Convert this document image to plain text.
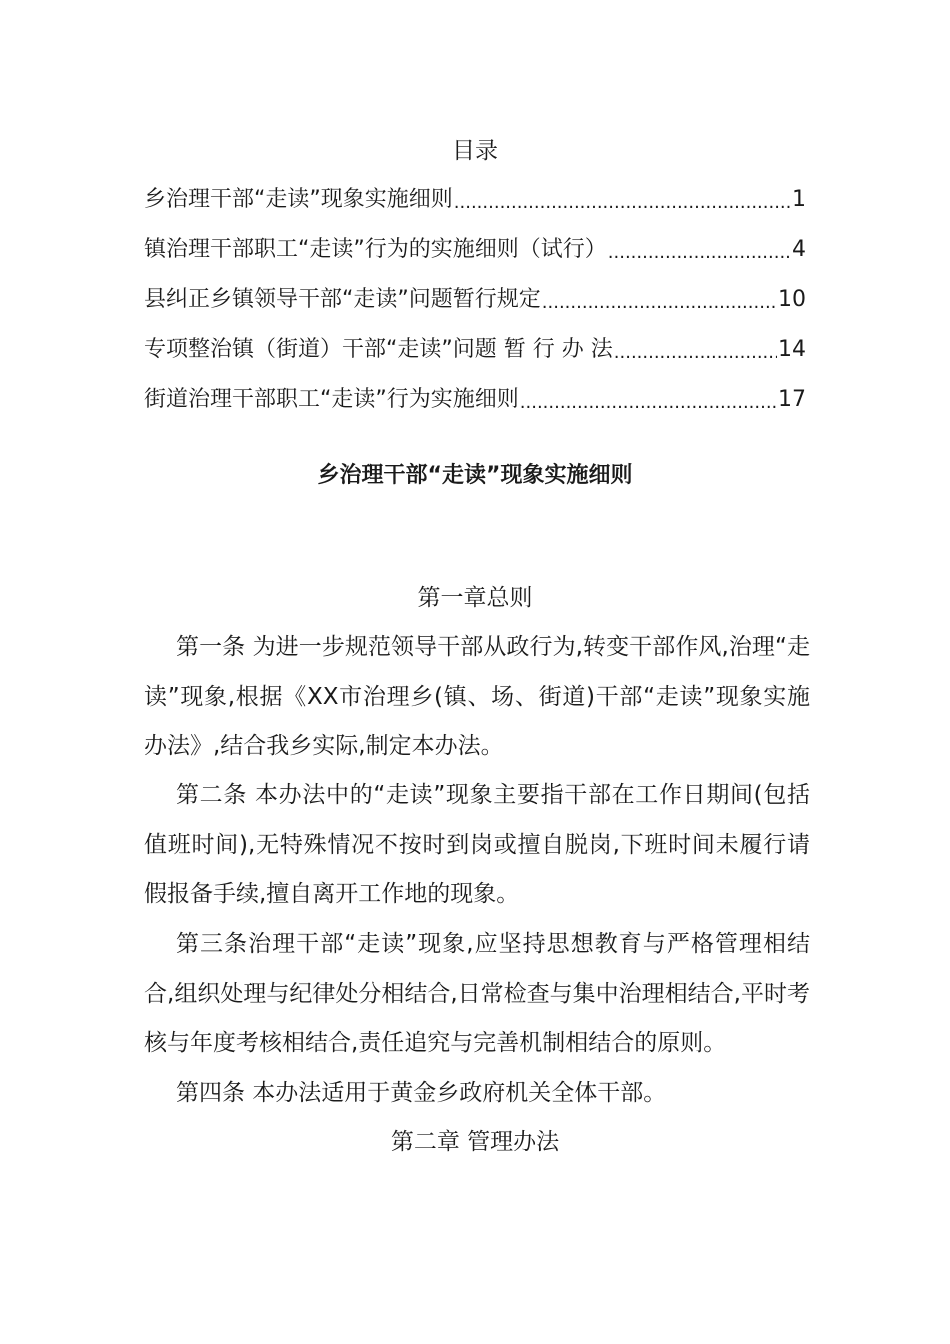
目录
乡治理干部“走读”现象实施细则 .....	1
镇治理干部职工“走读”行为的实施细则（试行） .....	4
县纠正乡镇领导干部“走读”问题暂行规定 .....	10
专项整治镇（街道）干部“走读”问题 暂 行 办 法 .....	14
街道治理干部职工“走读”行为实施细则 .....	17
乡治理干部“走读”现象实施细则
第一章总则
第一条 为进一步规范领导干部从政行为,转变干部作风,治理“走读”现象,根据《XX市治理乡(镇、场、街道)干部“走读”现象实施办法》,结合我乡实际,制定本办法。
第二条 本办法中的“走读”现象主要指干部在工作日期间(包括值班时间),无特殊情况不按时到岗或擅自脱岗,下班时间未履行请假报备手续,擅自离开工作地的现象。
第三条治理干部“走读”现象,应坚持思想教育与严格管理相结合,组织处理与纪律处分相结合,日常检查与集中治理相结合,平时考核与年度考核相结合,责任追究与完善机制相结合的原则。
第四条 本办法适用于黄金乡政府机关全体干部。
第二章 管理办法
